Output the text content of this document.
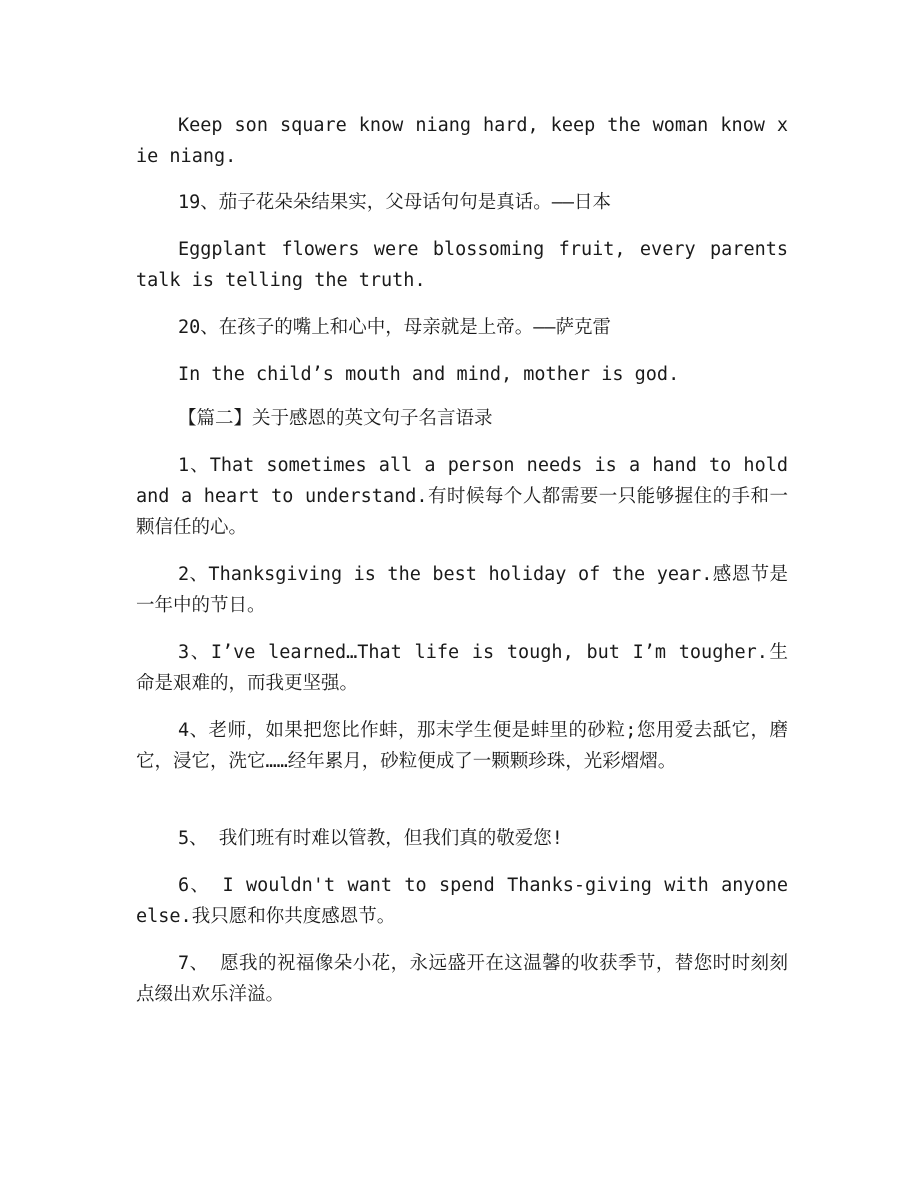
Keep son square know niang hard, keep the woman know xie niang.

19、茄子花朵朵结果实，父母话句句是真话。——日本

Eggplant flowers were blossoming fruit, every parents talk is telling the truth.

20、在孩子的嘴上和心中，母亲就是上帝。——萨克雷

In the child’s mouth and mind, mother is god.

【篇二】关于感恩的英文句子名言语录

1、That sometimes all a person needs is a hand to hold and a heart to understand.有时候每个人都需要一只能够握住的手和一颗信任的心。

2、Thanksgiving is the best holiday of the year.感恩节是一年中的节日。

3、I’ve learned…That life is tough, but I’m tougher.生命是艰难的，而我更坚强。

4、老师，如果把您比作蚌，那末学生便是蚌里的砂粒;您用爱去舐它，磨它，浸它，洗它……经年累月，砂粒便成了一颗颗珍珠，光彩熠熠。

5、 我们班有时难以管教，但我们真的敬爱您!

6、 I wouldn't want to spend Thanks-giving with anyone else.我只愿和你共度感恩节。

7、 愿我的祝福像朵小花，永远盛开在这温馨的收获季节，替您时时刻刻点缀出欢乐洋溢。
